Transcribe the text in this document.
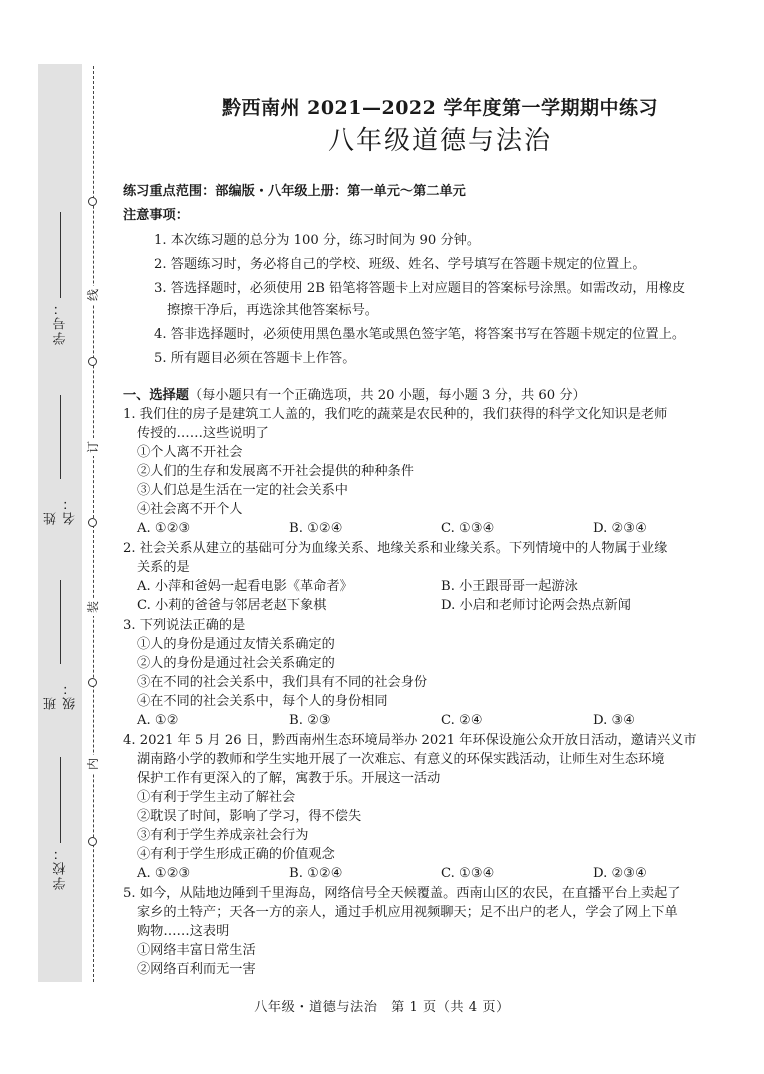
线
订
装
内
学号：
姓名：
班级：
学校：
黔西南州 2021—2022 学年度第一学期期中练习
八年级道德与法治
练习重点范围：部编版・八年级上册：第一单元～第二单元
注意事项：
1. 本次练习题的总分为 100 分，练习时间为 90 分钟。
2. 答题练习时，务必将自己的学校、班级、姓名、学号填写在答题卡规定的位置上。
3. 答选择题时，必须使用 2B 铅笔将答题卡上对应题目的答案标号涂黑。如需改动，用橡皮
擦擦干净后，再选涂其他答案标号。
4. 答非选择题时，必须使用黑色墨水笔或黑色签字笔，将答案书写在答题卡规定的位置上。
5. 所有题目必须在答题卡上作答。
一、选择题（每小题只有一个正确选项，共 20 小题，每小题 3 分，共 60 分）
1. 我们住的房子是建筑工人盖的，我们吃的蔬菜是农民种的，我们获得的科学文化知识是老师
传授的……这些说明了
①个人离不开社会
②人们的生存和发展离不开社会提供的种种条件
③人们总是生活在一定的社会关系中
④社会离不开个人
A. ①②③	B. ①②④	C. ①③④	D. ②③④
2. 社会关系从建立的基础可分为血缘关系、地缘关系和业缘关系。下列情境中的人物属于业缘
关系的是
A. 小萍和爸妈一起看电影《革命者》	B. 小王跟哥哥一起游泳
C. 小莉的爸爸与邻居老赵下象棋	D. 小启和老师讨论两会热点新闻
3. 下列说法正确的是
①人的身份是通过友情关系确定的
②人的身份是通过社会关系确定的
③在不同的社会关系中，我们具有不同的社会身份
④在不同的社会关系中，每个人的身份相同
A. ①②	B. ②③	C. ②④	D. ③④
4. 2021 年 5 月 26 日，黔西南州生态环境局举办 2021 年环保设施公众开放日活动，邀请兴义市
湖南路小学的教师和学生实地开展了一次难忘、有意义的环保实践活动，让师生对生态环境
保护工作有更深入的了解，寓教于乐。开展这一活动
①有利于学生主动了解社会
②耽误了时间，影响了学习，得不偿失
③有利于学生养成亲社会行为
④有利于学生形成正确的价值观念
A. ①②③	B. ①②④	C. ①③④	D. ②③④
5. 如今，从陆地边陲到千里海岛，网络信号全天候覆盖。西南山区的农民，在直播平台上卖起了
家乡的土特产；天各一方的亲人，通过手机应用视频聊天；足不出户的老人，学会了网上下单
购物……这表明
①网络丰富日常生活
②网络百利而无一害
八年级・道德与法治　第 1 页（共 4 页）
